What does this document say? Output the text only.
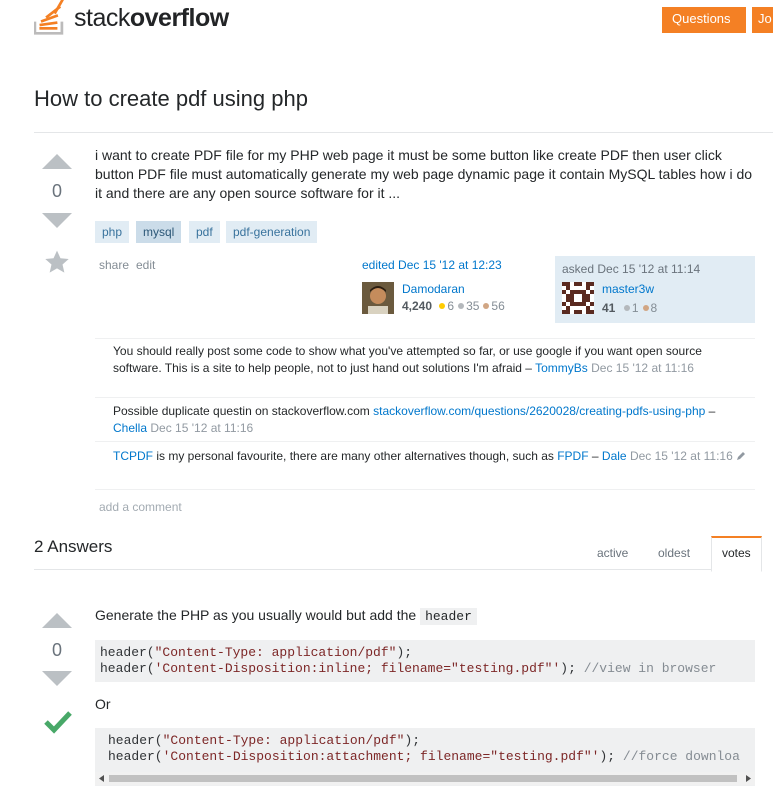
stackoverflow	Questions	Jo
How to create pdf using php
0
i want to create PDF file for my PHP web page it must be some button like create PDF then user click button PDF file must automatically generate my web page dynamic page it contain MySQL tables how i do it and there are any open source software for it ...
php	mysql	pdf	pdf-generation
share edit	edited Dec 15 '12 at 12:23
Damodaran
4,240 6 35 56
asked Dec 15 '12 at 11:14
master3w
41 1 8
You should really post some code to show what you've attempted so far, or use google if you want open source software. This is a site to help people, not to just hand out solutions I'm afraid – TommyBs Dec 15 '12 at 11:16
Possible duplicate questin on stackoverflow.com stackoverflow.com/questions/2620028/creating-pdfs-using-php – Chella Dec 15 '12 at 11:16
TCPDF is my personal favourite, there are many other alternatives though, such as FPDF – Dale Dec 15 '12 at 11:16
add a comment
2 Answers	active	oldest	votes
0
Generate the PHP as you usually would but add the header
header("Content-Type: application/pdf");
header('Content-Disposition:inline; filename="testing.pdf"'); //view in browser
Or
header("Content-Type: application/pdf");
header('Content-Disposition:attachment; filename="testing.pdf"'); //force downloa
